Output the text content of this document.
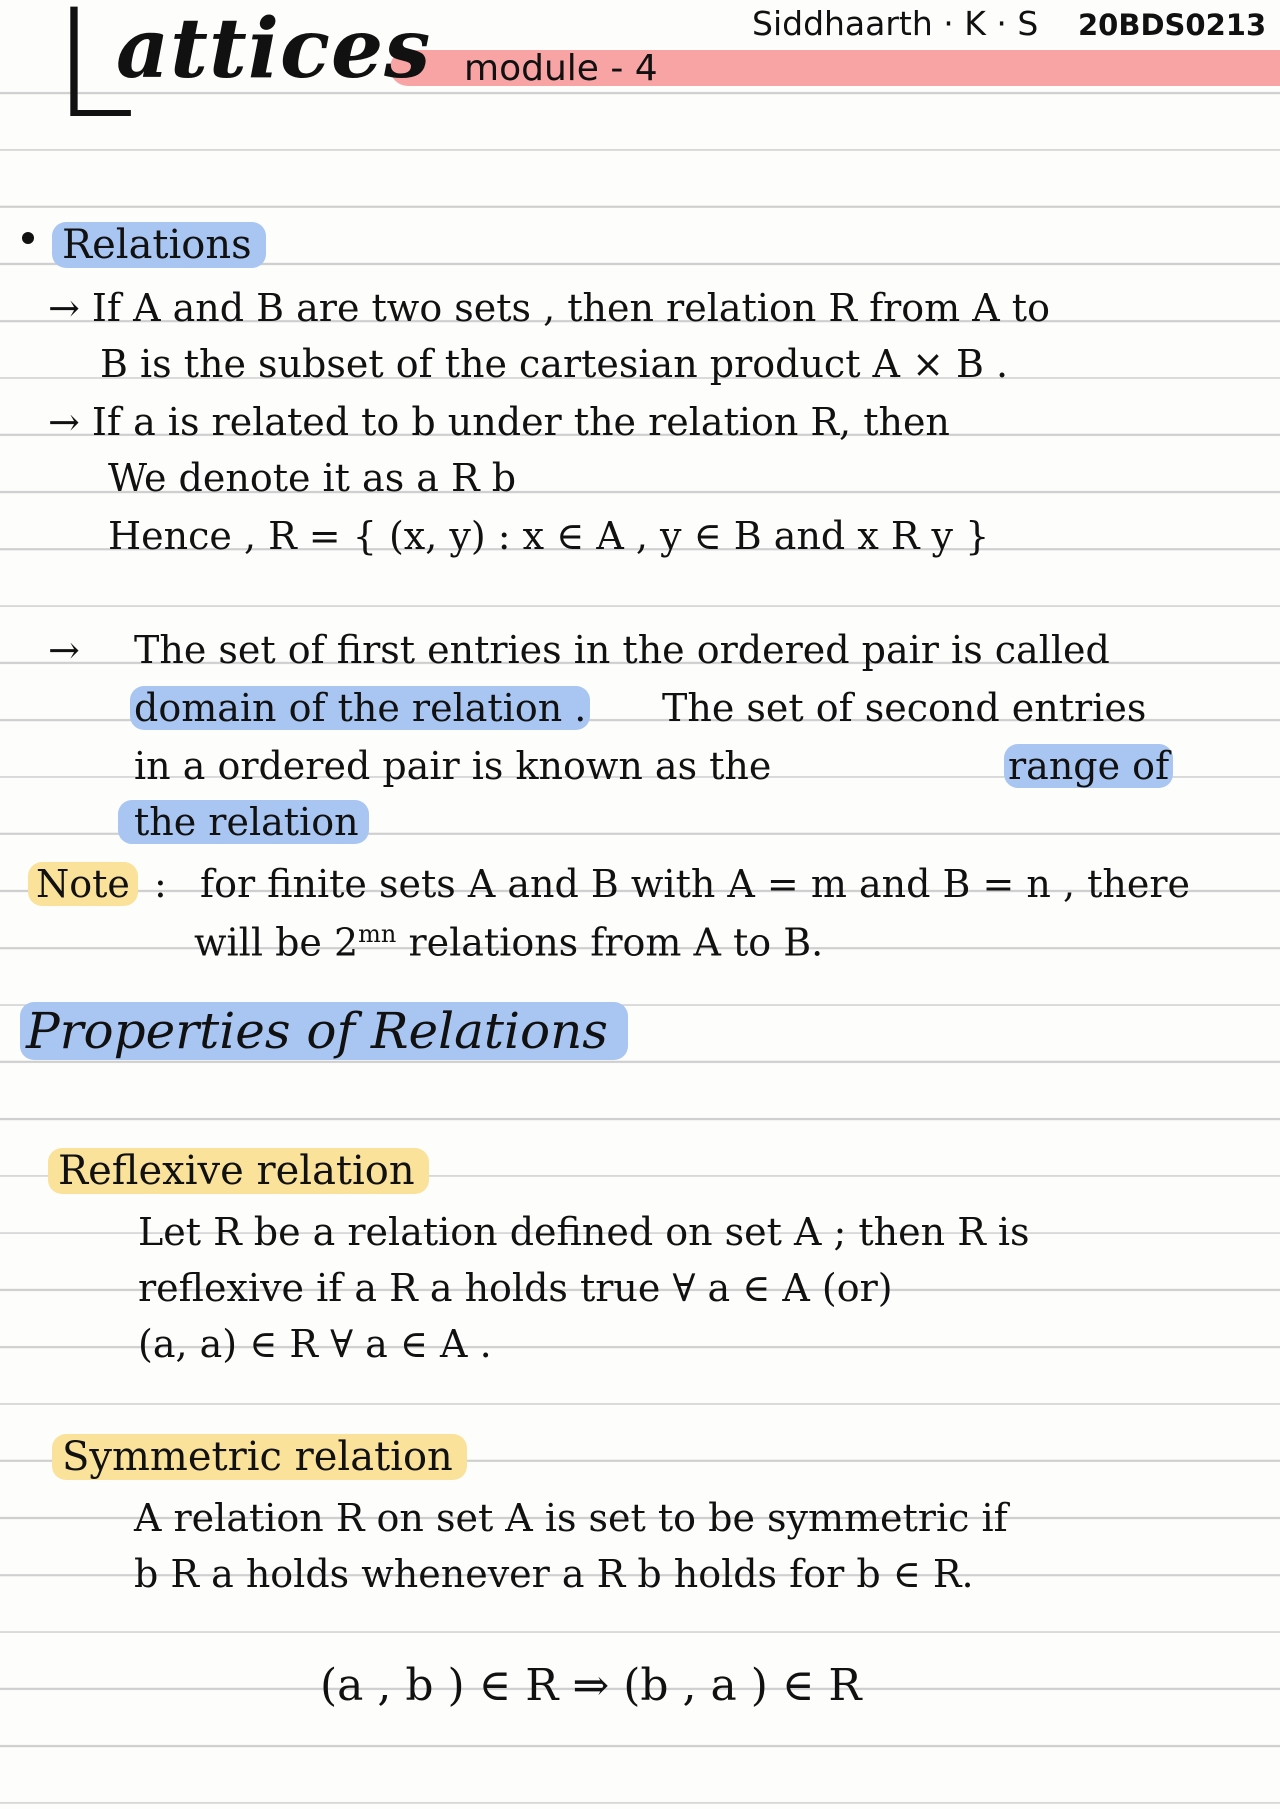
L
attices module - 4
Siddhaarth · K · S 20BDS0213
Relations
→ If A and B are two sets , then relation R from A to
B is the subset of the cartesian product A × B .
→ If a is related to b under the relation R, then
We denote it as a R b
Hence , R = { (x, y) : x ∈ A , y ∈ B and x R y }
→ The set of first entries in the ordered pair is called
domain of the relation . The set of second entries
in a ordered pair is known as the	range of
the relation
Note : for finite sets A and B with A = m and B = n , there
will be $2^{mn}$ relations from A to B.
Properties of Relations
Reflexive relation
Let R be a relation defined on set A ; then R is
reflexive if a R a holds true ∀ a ∈ A (or)
(a, a) ∈ R ∀ a ∈ A .
Symmetric relation
A relation R on set A is set to be symmetric if
b R a holds whenever a R b holds for b ∈ R.
(a , b ) ∈ R ⇒ (b , a ) ∈ R
